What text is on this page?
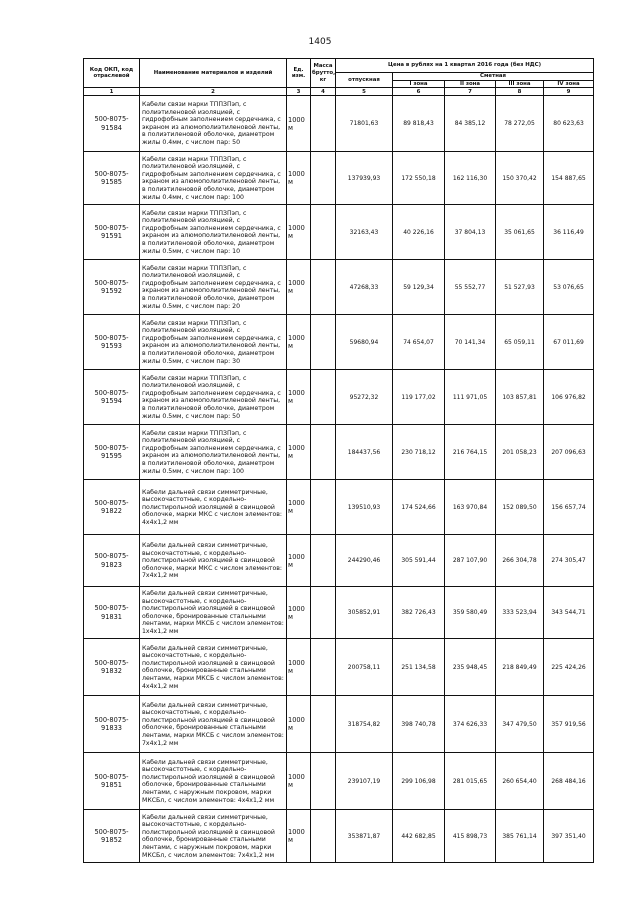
1405
Код ОКП, код отраслевой	Наименование материалов и изделий	Ед. изм.	Масса брутто, кг	Цена в рублях на 1 квартал 2016 года (без НДС)				
				отпускная	Сметная			
					I зона	II зона	III зона	IV зона
1	2	3	4	5	6	7	8	9
500-8075-91584	Кабели связи марки ТППЗПэп, с полиэтиленовой изоляцией, с гидрофобным заполнением сердечника, с экраном из алюмополиэтиленовой ленты, в полиэтиленовой оболочке, диаметром жилы 0.4мм, с числом пар: 50	1000 м		71801,63	89 818,43	84 385,12	78 272,05	80 623,63
500-8075-91585	Кабели связи марки ТППЗПэп, с полиэтиленовой изоляцией, с гидрофобным заполнением сердечника, с экраном из алюмополиэтиленовой ленты, в полиэтиленовой оболочке, диаметром жилы 0.4мм, с числом пар: 100	1000 м		137939,93	172 550,18	162 116,30	150 370,42	154 887,65
500-8075-91591	Кабели связи марки ТППЗПэп, с полиэтиленовой изоляцией, с гидрофобным заполнением сердечника, с экраном из алюмополиэтиленовой ленты, в полиэтиленовой оболочке, диаметром жилы 0.5мм, с числом пар: 10	1000 м		32163,43	40 226,16	37 804,13	35 061,65	36 116,49
500-8075-91592	Кабели связи марки ТППЗПэп, с полиэтиленовой изоляцией, с гидрофобным заполнением сердечника, с экраном из алюмополиэтиленовой ленты, в полиэтиленовой оболочке, диаметром жилы 0.5мм, с числом пар: 20	1000 м		47268,33	59 129,34	55 552,77	51 527,93	53 076,65
500-8075-91593	Кабели связи марки ТППЗПэп, с полиэтиленовой изоляцией, с гидрофобным заполнением сердечника, с экраном из алюмополиэтиленовой ленты, в полиэтиленовой оболочке, диаметром жилы 0.5мм, с числом пар: 30	1000 м		59680,94	74 654,07	70 141,34	65 059,11	67 011,69
500-8075-91594	Кабели связи марки ТППЗПэп, с полиэтиленовой изоляцией, с гидрофобным заполнением сердечника, с экраном из алюмополиэтиленовой ленты, в полиэтиленовой оболочке, диаметром жилы 0.5мм, с числом пар: 50	1000 м		95272,32	119 177,02	111 971,05	103 857,81	106 976,82
500-8075-91595	Кабели связи марки ТППЗПэп, с полиэтиленовой изоляцией, с гидрофобным заполнением сердечника, с экраном из алюмополиэтиленовой ленты, в полиэтиленовой оболочке, диаметром жилы 0.5мм, с числом пар: 100	1000 м		184437,56	230 718,12	216 764,15	201 058,23	207 096,63
500-8075-91822	Кабели дальней связи симметричные, высокочастотные, с кордельно-полистирольной изоляцией в свинцовой оболочке, марки МКС с числом элементов: 4х4х1,2 мм	1000 м		139510,93	174 524,66	163 970,84	152 089,50	156 657,74
500-8075-91823	Кабели дальней связи симметричные, высокочастотные, с кордельно-полистирольной изоляцией в свинцовой оболочке, марки МКС с числом элементов: 7х4х1,2 мм	1000 м		244290,46	305 591,44	287 107,90	266 304,78	274 305,47
500-8075-91831	Кабели дальней связи симметричные, высокочастотные, с кордельно-полистирольной изоляцией в свинцовой оболочке, бронированные стальными лентами, марки МКСБ с числом элементов: 1х4х1,2 мм	1000 м		305852,91	382 726,43	359 580,49	333 523,94	343 544,71
500-8075-91832	Кабели дальней связи симметричные, высокочастотные, с кордельно-полистирольной изоляцией в свинцовой оболочке, бронированные стальными лентами, марки МКСБ с числом элементов: 4х4х1,2 мм	1000 м		200758,11	251 134,58	235 948,45	218 849,49	225 424,26
500-8075-91833	Кабели дальней связи симметричные, высокочастотные, с кордельно-полистирольной изоляцией в свинцовой оболочке, бронированные стальными лентами, марки МКСБ с числом элементов: 7х4х1,2 мм	1000 м		318754,82	398 740,78	374 626,33	347 479,50	357 919,56
500-8075-91851	Кабели дальней связи симметричные, высокочастотные, с кордельно-полистирольной изоляцией в свинцовой оболочке, бронированные стальными лентами, с наружным покровом, марки МКСБл, с числом элементов: 4х4х1,2 мм	1000 м		239107,19	299 106,98	281 015,65	260 654,40	268 484,16
500-8075-91852	Кабели дальней связи симметричные, высокочастотные, с кордельно-полистирольной изоляцией в свинцовой оболочке, бронированные стальными лентами, с наружным покровом, марки МКСБл, с числом элементов: 7х4х1,2 мм	1000 м		353871,87	442 682,85	415 898,73	385 761,14	397 351,40
